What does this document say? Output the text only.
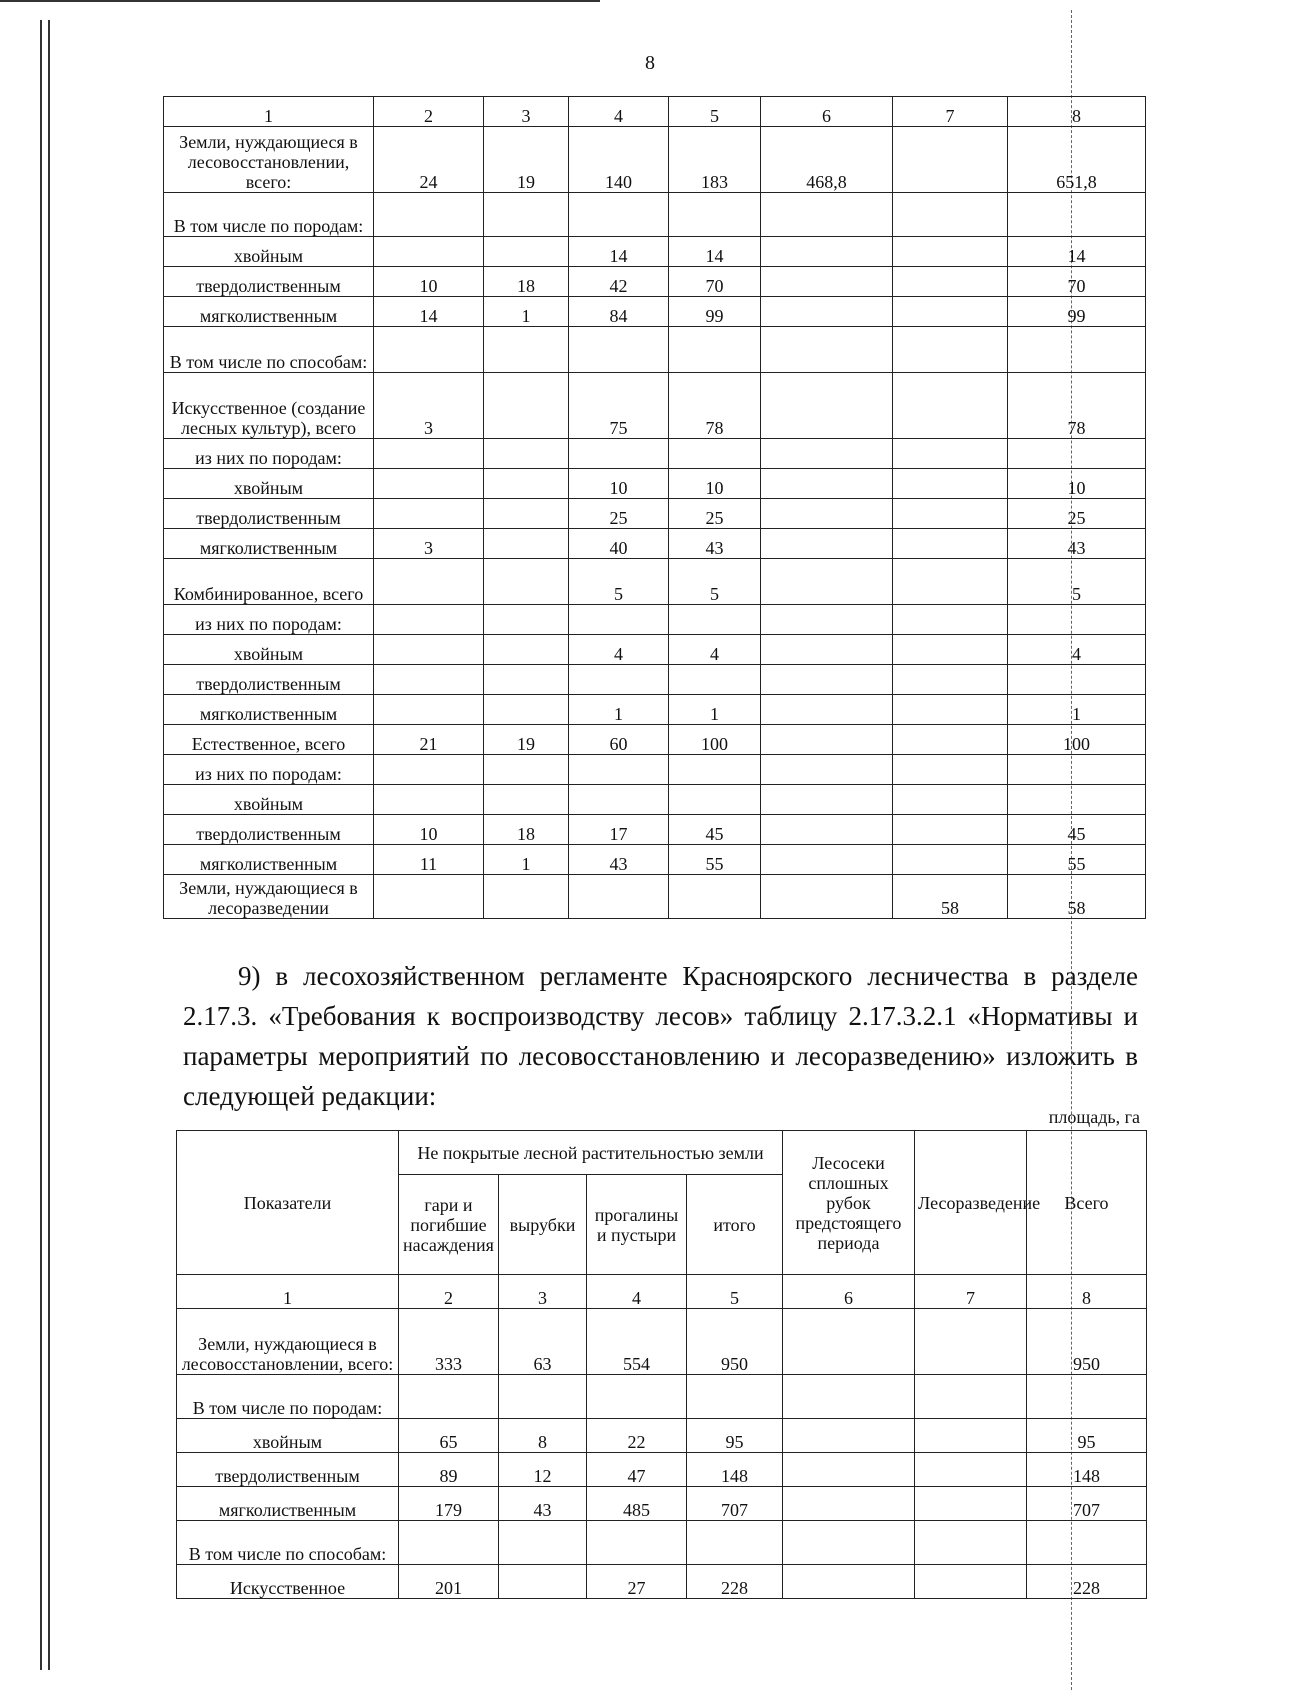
8
1	2	3	4	5	6	7	8
Земли, нуждающиеся в лесовосстановлении, всего:	24	19	140	183	468,8		651,8
В том числе по породам:							
хвойным			14	14			14
твердолиственным	10	18	42	70			70
мягколиственным	14	1	84	99			99
В том числе по способам:							
Искусственное (создание лесных культур), всего	3		75	78			78
из них по породам:							
хвойным			10	10			10
твердолиственным			25	25			25
мягколиственным	3		40	43			43
Комбинированное, всего			5	5			5
из них по породам:							
хвойным			4	4			4
твердолиственным							
мягколиственным			1	1			1
Естественное, всего	21	19	60	100			100
из них по породам:							
хвойным							
твердолиственным	10	18	17	45			45
мягколиственным	11	1	43	55			55
Земли, нуждающиеся в лесоразведении						58	58
9) в лесохозяйственном регламенте Красноярского лесничества в разделе 2.17.3. «Требования к воспроизводству лесов» таблицу 2.17.3.2.1 «Нормативы и параметры мероприятий по лесовосстановлению и лесоразведению» изложить в следующей редакции:
площадь, га
Показатели	Не покрытые лесной растительностью земли				Лесосеки сплошных рубок предстоящего периода	Лесоразведение	Всего
	гари и погибшие насаждения	вырубки	прогалины и пустыри	итого			
1	2	3	4	5	6	7	8
Земли, нуждающиеся в лесовосстановлении, всего:	333	63	554	950			950
В том числе по породам:							
хвойным	65	8	22	95			95
твердолиственным	89	12	47	148			148
мягколиственным	179	43	485	707			707
В том числе по способам:							
Искусственное	201		27	228			228
